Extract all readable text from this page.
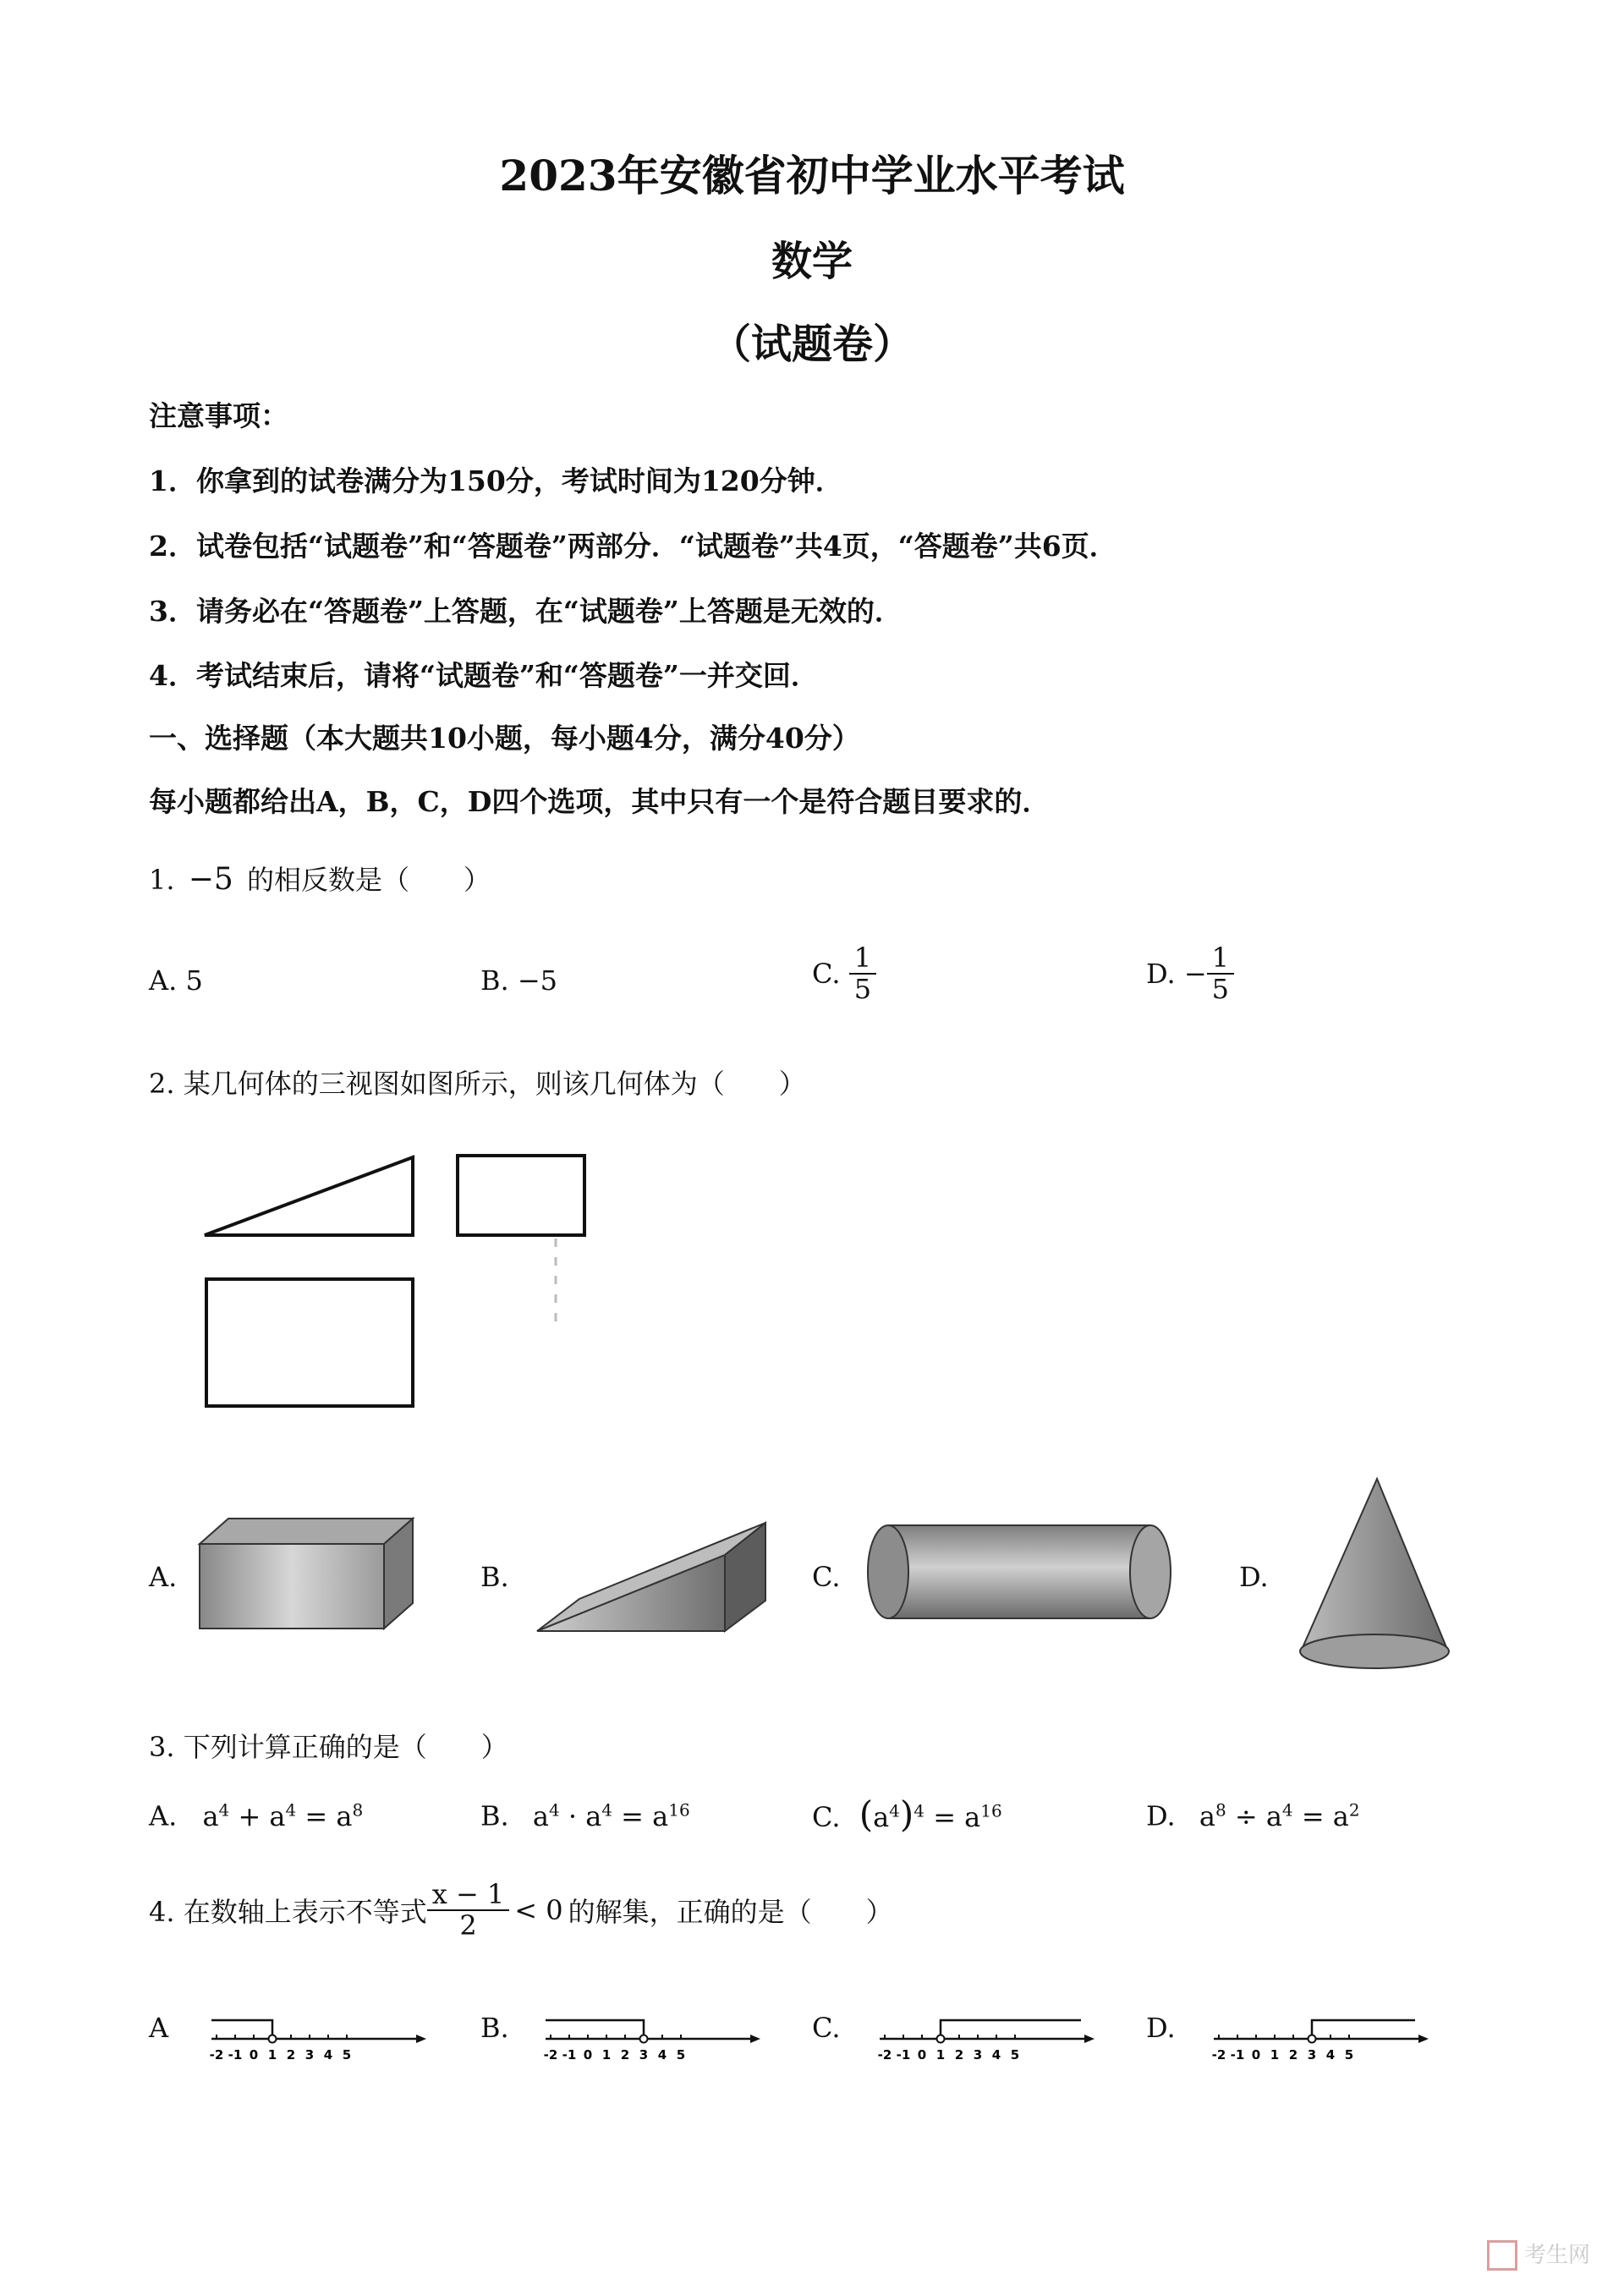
2023年安徽省初中学业水平考试
数学
（试题卷）
注意事项：
1．你拿到的试卷满分为150分，考试时间为120分钟．
2．试卷包括“试题卷”和“答题卷”两部分．“试题卷”共4页，“答题卷”共6页．
3．请务必在“答题卷”上答题，在“试题卷”上答题是无效的．
4．考试结束后，请将“试题卷”和“答题卷”一并交回．
一、选择题（本大题共10小题，每小题4分，满分40分）
每小题都给出A，B，C，D四个选项，其中只有一个是符合题目要求的．
1. −5 的相反数是（　　）
A. 5	B. −5	C. $\frac{1}{5}$	D. − $\frac{1}{5}$
2. 某几何体的三视图如图所示，则该几何体为（　　）
A.	B.	C.	D.
3. 下列计算正确的是（　　）
A. $a^4 + a^4 = a^8$	B. $a^4 \cdot a^4 = a^{16}$	C. $(a^4)^4 = a^{16}$	D. $a^8 \div a^4 = a^2$
4. 在数轴上表示不等式 $\frac{x - 1}{2} < 0$ 的解集，正确的是（　　）
A	B.	C.	D.
-2 -1 0 1 2 3 4 5	-2 -1 0 1 2 3 4 5	-2 -1 0 1 2 3 4 5	-2 -1 0 1 2 3 4 5
考生网
